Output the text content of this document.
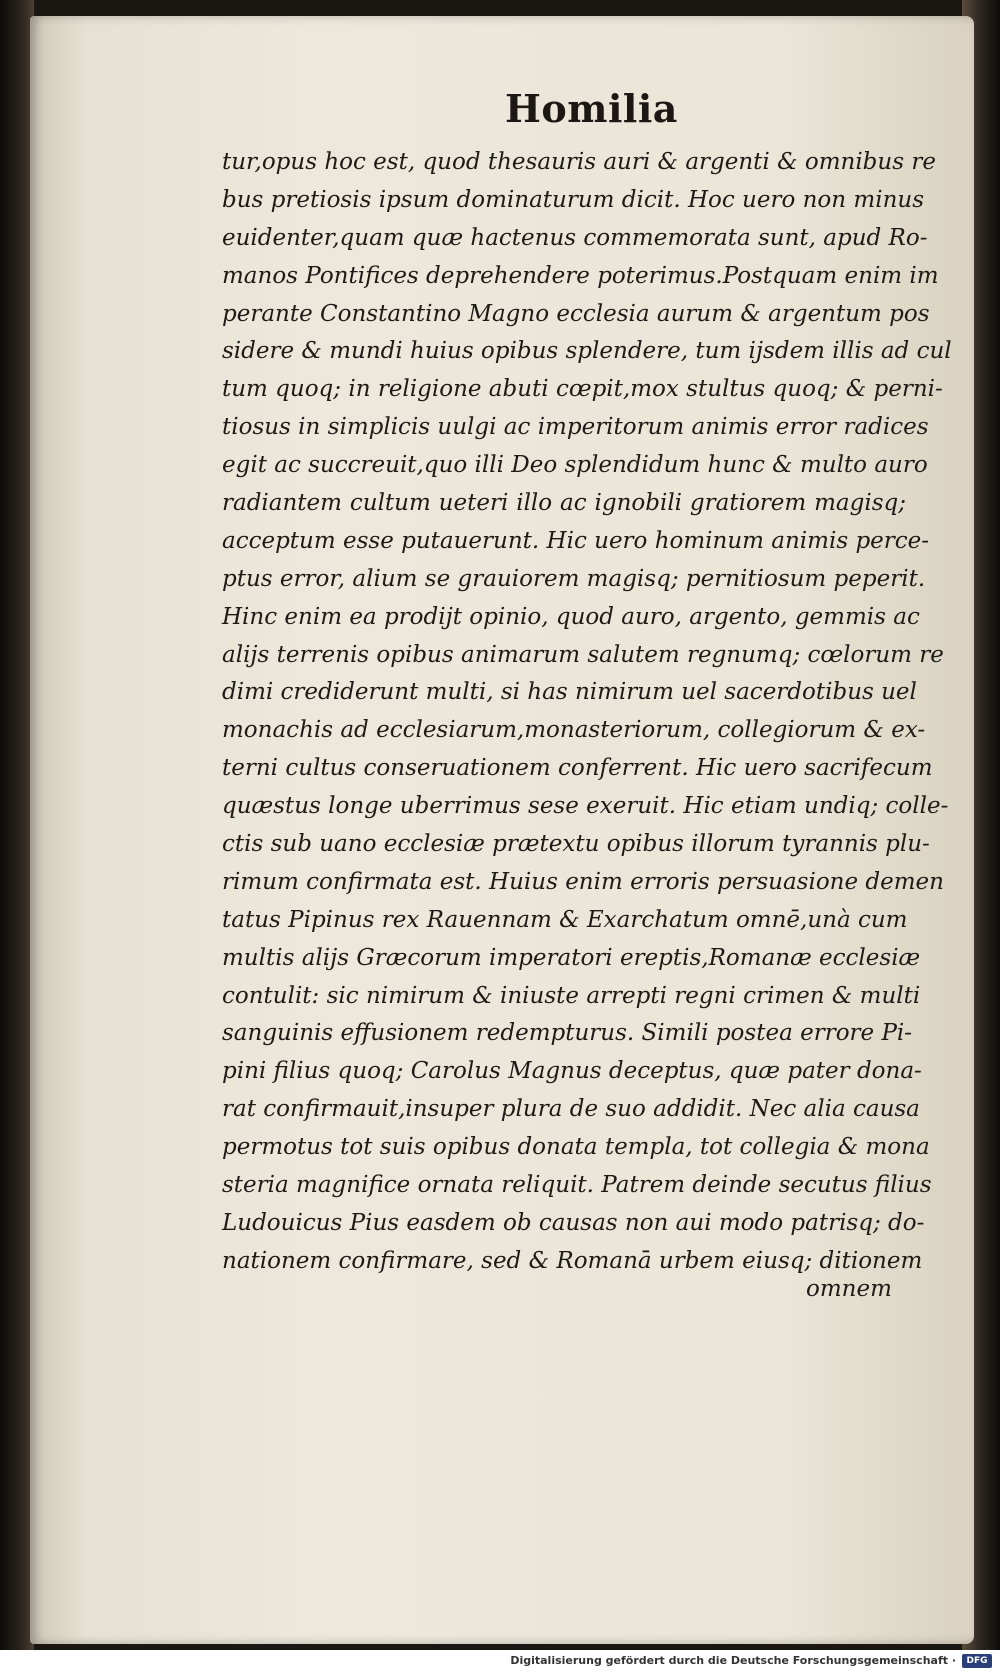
Homilia
tur,opus hoc est, quod thesauris auri & argenti & omnibus re
bus pretiosis ipsum dominaturum dicit. Hoc uero non minus
euidenter,quam quæ hactenus commemorata sunt, apud Ro-
manos Pontifices deprehendere poterimus.Postquam enim im
perante Constantino Magno ecclesia aurum & argentum pos
sidere & mundi huius opibus splendere, tum ijsdem illis ad cul
tum quoq; in religione abuti cœpit,mox stultus quoq; & perni-
tiosus in simplicis uulgi ac imperitorum animis error radices
egit ac succreuit,quo illi Deo splendidum hunc & multo auro
radiantem cultum ueteri illo ac ignobili gratiorem magisq;
acceptum esse putauerunt. Hic uero hominum animis perce-
ptus error, alium se grauiorem magisq; pernitiosum peperit.
Hinc enim ea prodijt opinio, quod auro, argento, gemmis ac
alijs terrenis opibus animarum salutem regnumq; cœlorum re
dimi crediderunt multi, si has nimirum uel sacerdotibus uel
monachis ad ecclesiarum,monasteriorum, collegiorum & ex-
terni cultus conseruationem conferrent. Hic uero sacrifecum
quæstus longe uberrimus sese exeruit. Hic etiam undiq; colle-
ctis sub uano ecclesiæ prætextu opibus illorum tyrannis plu-
rimum confirmata est. Huius enim erroris persuasione demen
tatus Pipinus rex Rauennam & Exarchatum omnē,unà cum
multis alijs Græcorum imperatori ereptis,Romanæ ecclesiæ
contulit: sic nimirum & iniuste arrepti regni crimen & multi
sanguinis effusionem redempturus. Simili postea errore Pi-
pini filius quoq; Carolus Magnus deceptus, quæ pater dona-
rat confirmauit,insuper plura de suo addidit. Nec alia causa
permotus tot suis opibus donata templa, tot collegia & mona
steria magnifice ornata reliquit. Patrem deinde secutus filius
Ludouicus Pius easdem ob causas non aui modo patrisq; do-
nationem confirmare, sed & Romanā urbem eiusq; ditionem
omnem
Digitalisierung gefördert durch die Deutsche Forschungsgemeinschaft ·	DFG
